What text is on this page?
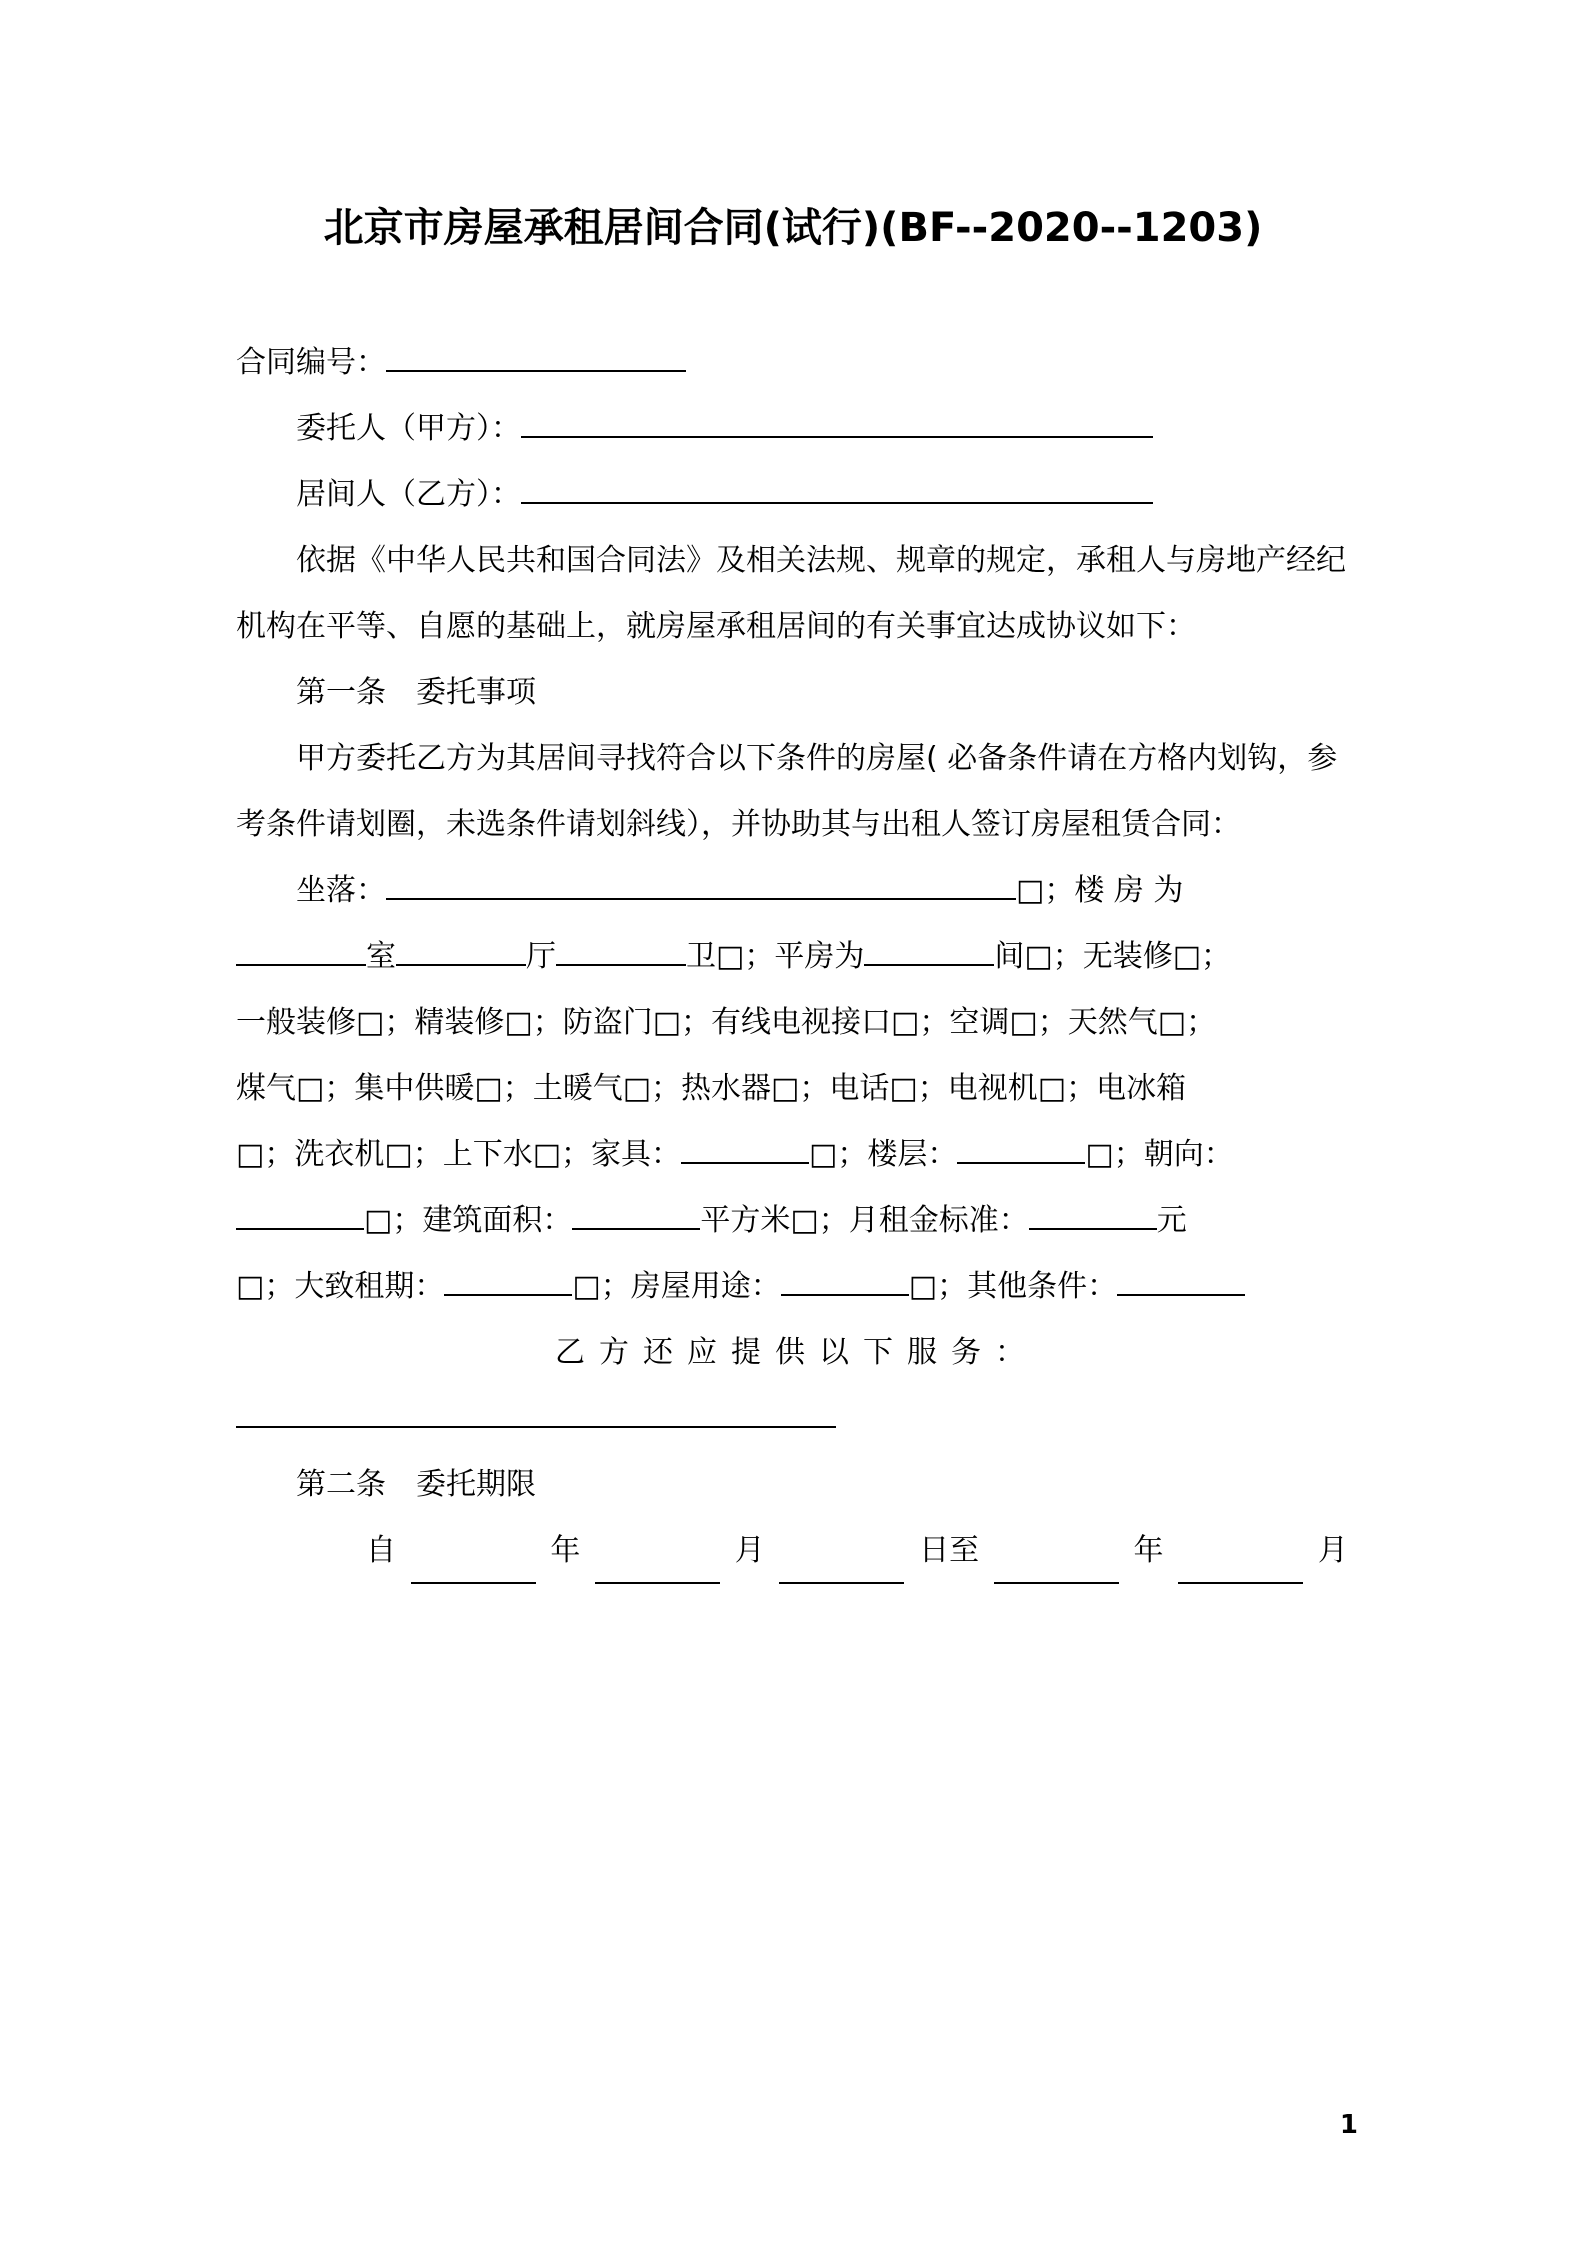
北京市房屋承租居间合同(试行)(BF--2020--1203)

合同编号：

委托人（甲方）：

居间人（乙方）：

依据《中华人民共和国合同法》及相关法规、规章的规定，承租人与房地产经纪机构在平等、自愿的基础上，就房屋承租居间的有关事宜达成协议如下：

第一条　委托事项

甲方委托乙方为其居间寻找符合以下条件的房屋( 必备条件请在方格内划钩，参考条件请划圈，未选条件请划斜线），并协助其与出租人签订房屋租赁合同：

坐落：	□；楼 房 为

室	厅	卫□；平房为	间□；无装修□；

一般装修□；精装修□；防盗门□；有线电视接口□；空调□；天然气□；

煤气□；集中供暖□；土暖气□；热水器□；电话□；电视机□；电冰箱

□；洗衣机□；上下水□；家具：	□；楼层：	□；朝向：

□；建筑面积：	平方米□；月租金标准：	元

□；大致租期：	□；房屋用途：	□；其他条件：

乙方还应提供以下服务：

第二条　委托期限

自	年	月	日至	年	月
1
